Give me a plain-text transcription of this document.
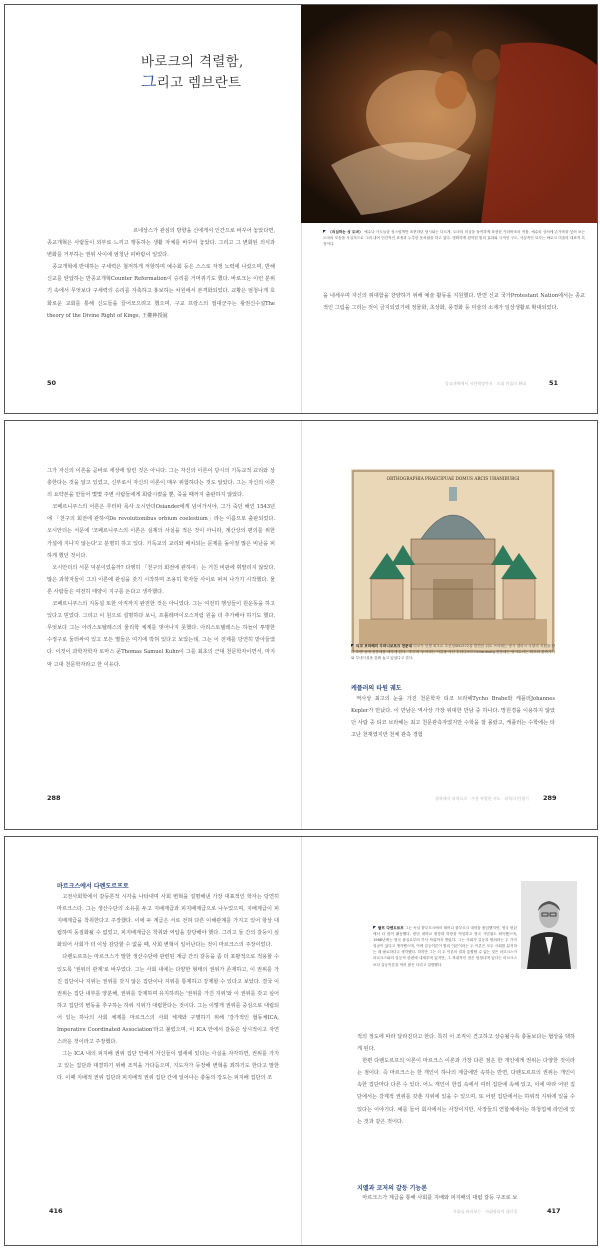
바로크의 격렬함,
그리고 렘브란트

르네상스가 관심의 방향을 신에게서 인간으로 바꾸어 놓았다면, 종교개혁은 사람들이 외부로 느끼고 행동하는 생활 자체를 바꾸어 놓았다. 그리고 그 변화된 의식과 변화를 거부하는 권위 사이에 엄청난 피바람이 일었다.

종교개혁에 반대하는 구세력은 철저하게 저항하며 예수회 등은 스스로 자정 노력에 나섰으며, 반해 신교를 탄압하는 반종교개혁Counter Reformation이 승리를 거머쥐기도 했다. 바로크는 이런 분위기 속에서 무엇보다 구세력의 승리를 자축하고 홍보하는 차원에서 본격화되었다. 교황은 엄청나게 호화로운 교회를 통해 신도들을 끌어모으려고 했으며, 구교 프랑스의 절대군주는 왕권신수설The theory of the Divine Right of Kings, 王權神授說

50
〈의심하는 성 도마〉 예수나 사도들을 성스럽게만 표현하던 당시와는 다르게, 도마의 의심을 솔직하게 표현한 카라바조의 작품. 예수의 상처에 손가락을 넣어 보는 도마의 모습을 사실적으로 그려 내어 인간적인 표정과 누추한 옷차림을 하고 있다. 명확하게 집약된 빛의 효과와 극적인 구도, 사실적인 묘사는 바로크 미술의 대표적 특징이다.

을 내세우며 자신의 위대함을 찬양하기 위해 예술 활동을 지원했다. 반면 신교 국가Protestant Nation에서는 종교적인 그림을 그리는 것이 금지되었기에 정물화, 초상화, 풍경화 등 미술의 소재가 일상생활로 확대되었다.

종교개혁에서 시민혁명까지 · 르네 미술의 확대	51

그가 자신의 이론을 곧바로 세상에 알린 것은 아니다. 그는 자신의 이론이 당시의 기독교적 교리와 상충한다는 것을 알고 있었고, 신부로서 자신의 이론이 매우 위험하다는 것도 알았다. 그는 자신의 이론의 요약본을 만들어 몇몇 주변 사람들에게 회람시켰을 뿐, 죽을 때까지 출판하지 않았다.

코페르니쿠스의 이론은 루터파 목사 오시안더Osiander에게 넘어가서야, 그가 죽던 해인 1543년에 「천구의 회전에 관하여De revolutionibus orbium coelestium」라는 이름으로 출판되었다. 오시안더는 서문에 '코페르니쿠스의 이론은 실제의 사실을 적은 것이 아니라, 계산상의 편의를 위한 가설에 지나지 않는다'고 분명히 하고 있다. 기독교의 교리와 배치되는 문제를 돌아질 많은 비난을 피하게 했던 것이다.

오시안더의 서문 덕분이었을까? 다행히 「천구의 회전에 관하여」는 거친 비판에 휘말리지 않았다. 많은 과학자들이 그의 이론에 관심을 갖기 시작하며 조용히 학자들 사이로 퍼져 나가기 시작했다. 물론 사람들은 여전히 태양이 지구를 돈다고 생각했다.

코페르니쿠스의 지동설 또한 아직까지 완전한 것은 아니었다. 그는 여전히 행성들이 원운동을 하고 있다고 믿었다. 그리고 이 원으로 설명하다 보니, 프톨레마이오스처럼 원을 더 추가해야 하기도 했다. 무엇보다 그는 아리스토텔레스의 물리학 체계를 벗어나지 못했다. 아리스토텔레스는 하늘이 투명한 수정구로 둘러싸여 있고 모든 별들은 여기에 박혀 있다고 보았는데, 그는 이 전제를 당연히 받아들였다. 이것이 과학자학자 토마스 쿤Thomas Samuel Kuhn이 그를 최초의 근대 천문학자이면서, 마지막 고대 천문학자라고 한 이유다.

288
ORTHOGRAPHIA PRAECIPUAE DOMUS ARCIS URANIBURGI
티코 브라헤의 우라니보르크 천문대 티코가 인생 최초로 초신성SN1572을 발견한 뒤로 브라헤는 당시 덴마크 국왕의 지원을 받아 흐벤 섬에 천문대를 세우게 된다. '우주의 성'이라는 이름을 지닌 우라니보르크Uraniborg 천문대는 당시로서는 최고의 관측기기와 부대시설을 갖춰 놓고 있었다고 한다.
케플러의 타원 궤도

역사상 최고의 눈을 가진 천문학자 티코 브라헤Tycho Brahe와 케플러Johannes Kepler가 만났다. 이 만남은 역사상 가장 위대한 만남 중 하나다. 망원경을 이용하지 않았던 사람 중 티코 브라헤는 최고 천문관측자였지만 수학을 잘 몰랐고, 케플러는 수학에는 타고난 천재였지만 천체 관측 경험

철학에서 과학으로 · 가장 특별한 지도 · 과학의 탄생기 289
마르크스에서 다렌도르프로

고전사회학에서 갈등론적 시각을 나타내며 사회 변혁을 설명해낸 가장 대표적인 학자는 당연히 마르크스다. 그는 생산수단의 소유를 두고 지배계급과 피지배계급으로 나누었으며, 지배계급이 피지배계급을 착취한다고 주장했다. 이에 두 계급은 서로 전혀 다른 이해관계를 가지고 있어 항상 대립하며 동질화될 수 없었고, 피지배계급은 착취와 억압을 감당해야 했다. 그리고 둘 간의 갈등이 심화되어 사회가 더 이상 감당할 수 없을 때, 사회 변혁이 일어난다는 것이 마르크스의 주장이었다.

다렌도르프는 마르크스가 말한 생산수단에 관련된 계급 간의 갈등을 좀 더 포괄적으로 적용할 수 있도록 '권위의 관계'로 바꾸었다. 그는 사회 내에는 다양한 형태의 권위가 존재하고, 이 권위를 가진 집단이나 지위는 권위를 갖지 않은 집단이나 지위를 통제하고 강제할 수 있다고 보았다. 결국 이 권위는 집단 내부를 양분해, 권위를 강제하며 유지하려는 '권위를 가진 지위'와 이 권위를 갖고 싶어하고 집단의 변동을 추구하는 하위 지위가 대립한다는 것이다. 그는 이렇게 권위를 중심으로 대립되어 있는 하나의 사회 체제를 마르크스의 사회 체계와 구별하기 위해 '강가적인 협동체ICA, Imperative Coordinated Association'라고 불렀으며, 이 ICA 안에서 갈등은 상시적이고 자연스러운 것이라고 주장했다.

그는 ICA 내의 피지배 권위 집단 안에서 자신들이 열세에 있다는 사실을 자각하면, 권위를 가지고 있는 집단과 대결하기 위해 조직을 가다듬으며, 지도자가 등장해 변혁을 꾀하기도 한다고 말한다. 이때 지배적 권위 집단과 피지배적 권위 집단 간에 일어나는 충돌의 강도는 피지배 집단의 조

416
랄프 다렌도르프 그는 독일 함부르크에서 태어나 함부르크 대학을 졸업했지만, 영국 런던에서 더 많이 활동했다. 런던 대학교 정경대 학장을 역임하고 영국 시민권도 획득했으며, 1988년에는 영국 왕실로부터 기사 작위까지 받았다. 그는 사회가 갈등과 합의라는 두 가지 얼굴이 있다고 생각했으며, 이에 갈등이론이 합의 이론이라는 두 이론은 모두 사회를 분석하는 데 필요하다고 생각했다. 하지만 그는 더 두 이론의 결과 통합할 수 없는 것은 마르크스가 마르크스와의 갈등적 한편에 내세우며 있지만, 그 착취적인 점은 엄청나며 있다는 마르크스 보다 갈등이론을 여러 많은 다리고 설명했다.

적의 정도에 따라 달라진다고 한다. 특히 이 조직이 견고하고 상승될수록 충돌보다는 협상을 택하게 된다.

한편 다렌도르프의 이론이 마르크스 이론과 가장 다른 점은 한 개인에게 권위는 다양한 것이라는 점이다. 즉 마르크스는 한 개인이 하나의 계급에만 속하는 반면, 다렌도르프의 권위는 개인이 속한 집단마다 다른 수 있다. 어느 개인이 한집 속에서 여러 집단에 속해 있고, 이에 따라 어떤 집단에서는 강제적 권위를 갖춘 지위에 있을 수 있으며, 또 어떤 집단에서는 하위적 지위에 있을 수 있다는 이야기다. 예를 들어 회사에서는 사장이지만, 사장들의 연합체에서는 하청업체 라인에 있는 것과 같은 것이다.

지멜과 코저의 갈등 기능론

마르크스가 계급을 통해 사회를 지배와 피지배의 대립 갈등 구조로 보

사회를 바라보는 · 사회학과의 대기장	417
